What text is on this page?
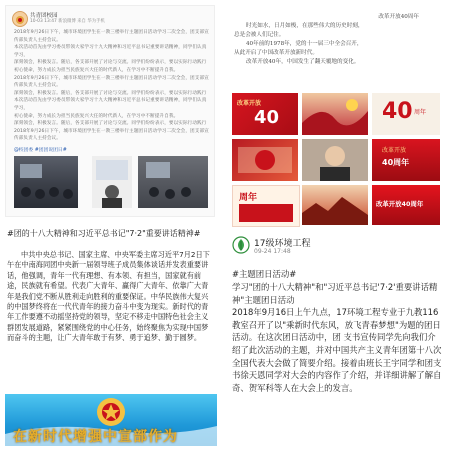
共青团校园
10-03 13:47 新浪微博 来自 华为手机
2018年9月26日下午，城市环境团学生在一教三楼举行主题团日活动学习二次全会，团支部宣传部负责人主持会议。
本次活动首先由学习委员带领大家学习十九大精神和习近平总书记重要讲话精神，同学们认真学习，
深刻领会，积极发言。随后，各支部开展了讨论与交流。同学们纷纷表示，要以实际行动践行
初心使命，努力成长为担当民族复兴大任的时代新人，在学习中不断提升自我。
2018年9月26日下午，城市环境团学生在一教三楼举行主题团日活动学习二次全会，团支部宣传部负责人主持会议。
深刻领会，积极发言。随后，各支部开展了讨论与交流。同学们纷纷表示，要以实际行动践行
本次活动首先由学习委员带领大家学习十九大精神和习近平总书记重要讲话精神，同学们认真学习，
初心使命，努力成长为担当民族复兴大任的时代新人，在学习中不断提升自我。
深刻领会，积极发言。随后，各支部开展了讨论与交流。同学们纷纷表示，要以实际行动践行
2018年9月26日下午，城市环境团学生在一教三楼举行主题团日活动学习二次全会，团支部宣传部负责人主持会议。
@校团委 #团团说团日#
改革开放40周年
时光如水，日月如梭，在那些伟大的历史时刻，
总是会被人们记住。
40年前的1978年，党的十一届三中全会召开，
从此开启了中国改革开放新时代。
改革开放40年，中国发生了翻天覆地的变化。
改革开放
40	40 周年
改革开放
40周年
周年
改革开放40周年
#团的十八大精神和习近平总书记"7·2"重要讲话精神#
中共中央总书记、国家主席、中央军委主席习近平7月2日下午在中南海同团中央新一届领导班子成员集体谈话并发表重要讲话，他强调，青年一代有理想、有本领、有担当，国家就有前途，民族就有希望。代表广大青年、赢得广大青年、依靠广大青年是我们党不断从胜利走向胜利的重要保证。中华民族伟大复兴的中国梦终将在一代代青年的接力奋斗中变为现实。新时代的青年工作要遵不动摇坚持党的领导，坚定不移走中国特色社会主义群团发展道路，紧紧围绕党的中心任务，始终聚焦为实现中国梦而奋斗的主题，让广大青年敢于有梦、勇于追梦、勤于圆梦。
在新时代增强中宣部作为
17级环境工程
09-24 17:48
#主题团日活动#
学习"团的十八大精神"和"习近平总书记'7·2'重要讲话精神"主题团日活动
2018年9月16日上午九点，17环境工程专业于九教116教室召开了以"乘新时代东风，放飞青春梦想"为题的团日活动。在这次团日活动中，团 支书宣传同学先向我们介绍了此次活动的主题，并对中国共产主义青年团第十八次全国代表大会做了简要介绍。接着由班长王宇同学和团支书徐天恩同学对大会的内容作了介绍，并详细讲解了解自奇、贺军科等人在大会上的发言。
